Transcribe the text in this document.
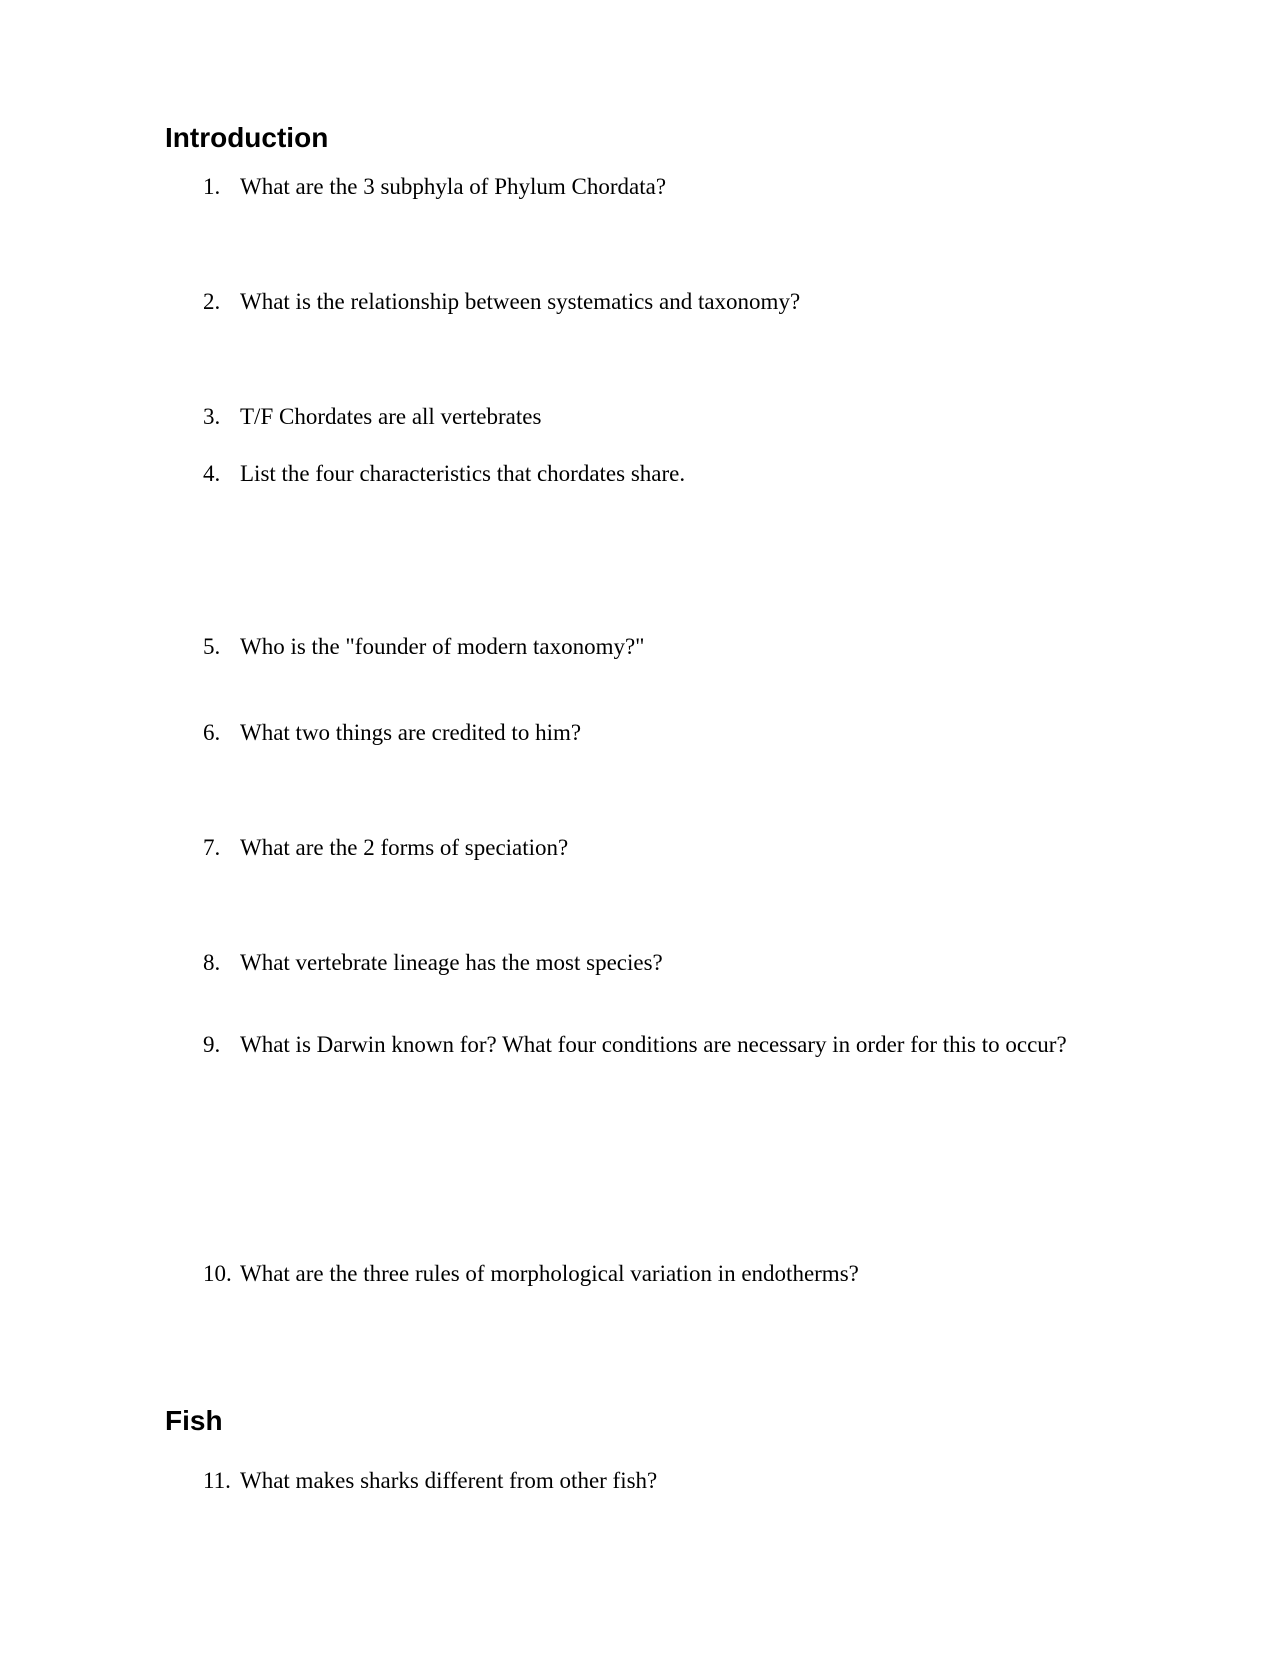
Introduction
1. What are the 3 subphyla of Phylum Chordata?
2. What is the relationship between systematics and taxonomy?
3. T/F Chordates are all vertebrates
4. List the four characteristics that chordates share.
5. Who is the "founder of modern taxonomy?"
6. What two things are credited to him?
7. What are the 2 forms of speciation?
8. What vertebrate lineage has the most species?
9. What is Darwin known for? What four conditions are necessary in order for this to occur?
10. What are the three rules of morphological variation in endotherms?
Fish
11. What makes sharks different from other fish?
